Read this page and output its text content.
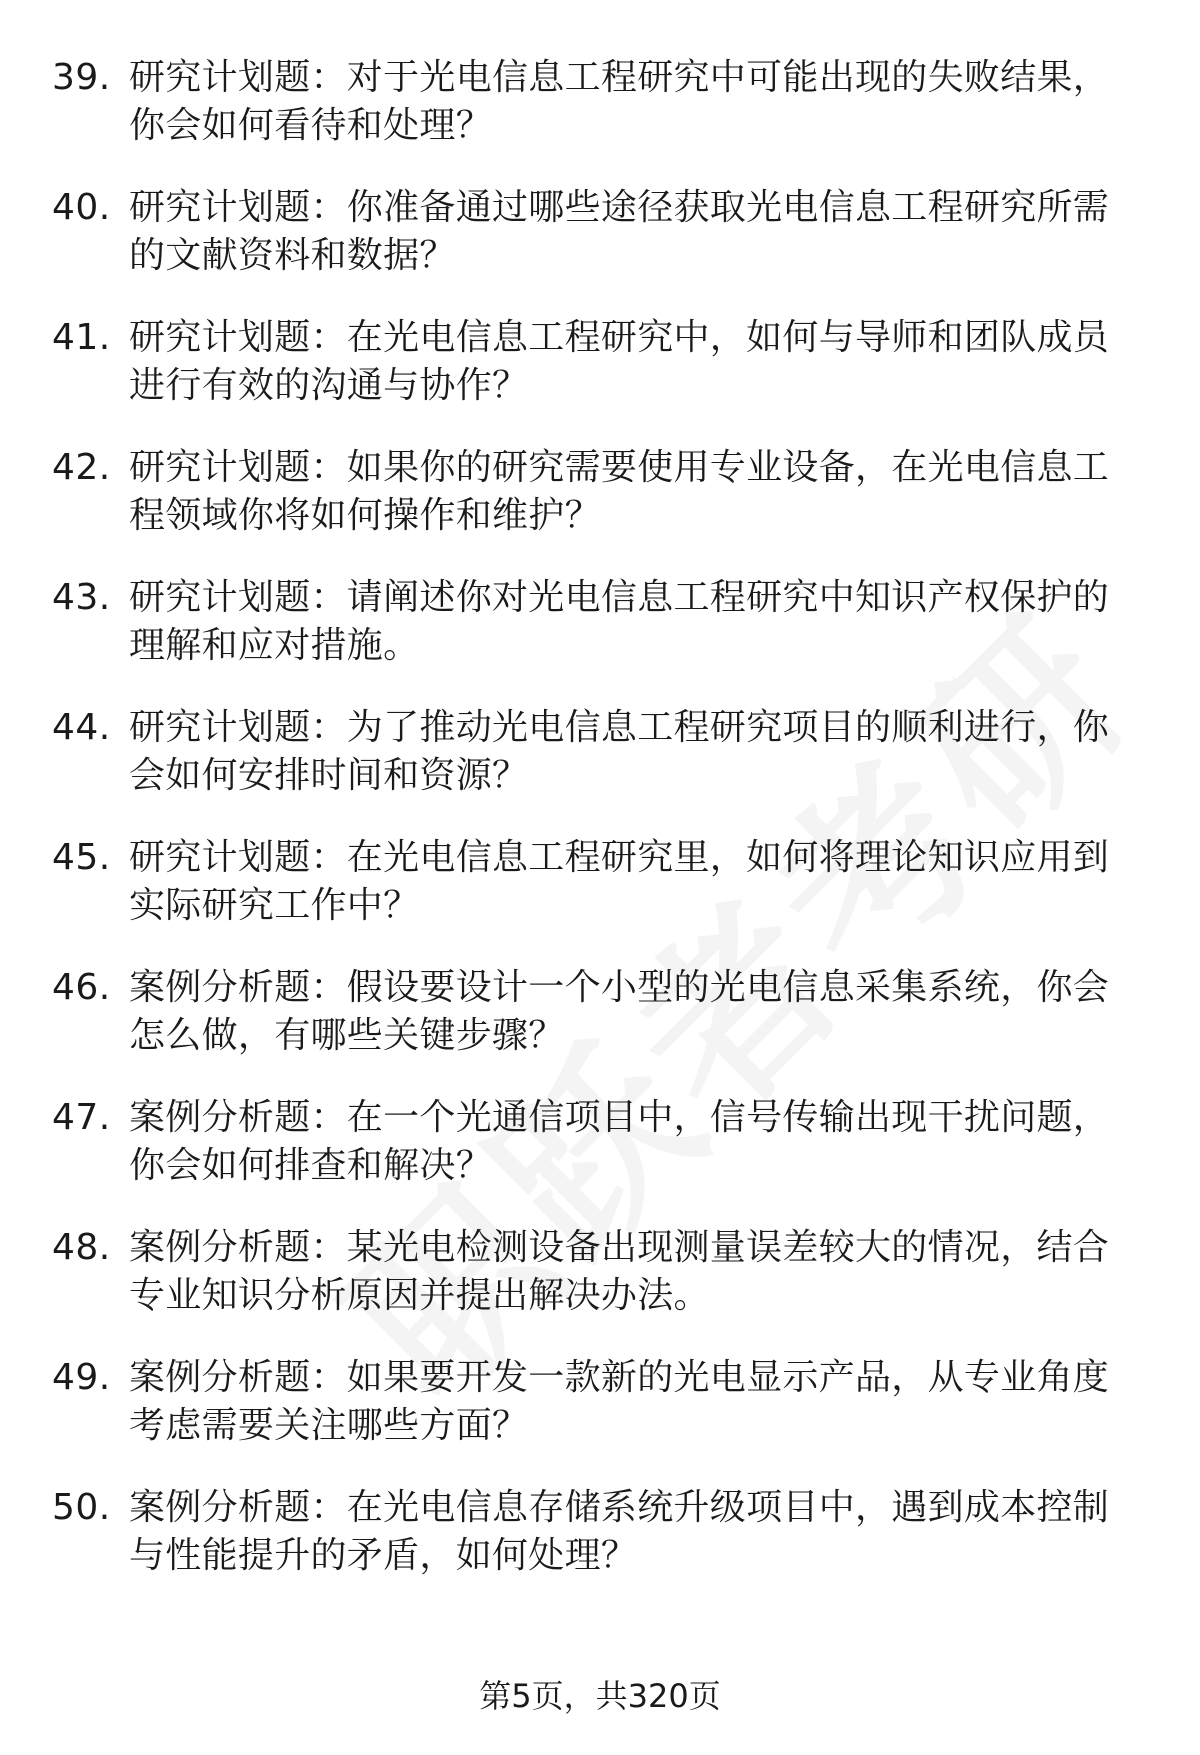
39. 研究计划题：对于光电信息工程研究中可能出现的失败结果，你会如何看待和处理？
40. 研究计划题：你准备通过哪些途径获取光电信息工程研究所需的文献资料和数据？
41. 研究计划题：在光电信息工程研究中，如何与导师和团队成员进行有效的沟通与协作？
42. 研究计划题：如果你的研究需要使用专业设备，在光电信息工程领域你将如何操作和维护？
43. 研究计划题：请阐述你对光电信息工程研究中知识产权保护的理解和应对措施。
44. 研究计划题：为了推动光电信息工程研究项目的顺利进行，你会如何安排时间和资源？
45. 研究计划题：在光电信息工程研究里，如何将理论知识应用到实际研究工作中？
46. 案例分析题：假设要设计一个小型的光电信息采集系统，你会怎么做，有哪些关键步骤？
47. 案例分析题：在一个光通信项目中，信号传输出现干扰问题，你会如何排查和解决？
48. 案例分析题：某光电检测设备出现测量误差较大的情况，结合专业知识分析原因并提出解决办法。
49. 案例分析题：如果要开发一款新的光电显示产品，从专业角度考虑需要关注哪些方面？
50. 案例分析题：在光电信息存储系统升级项目中，遇到成本控制与性能提升的矛盾，如何处理？
第5页，共320页
